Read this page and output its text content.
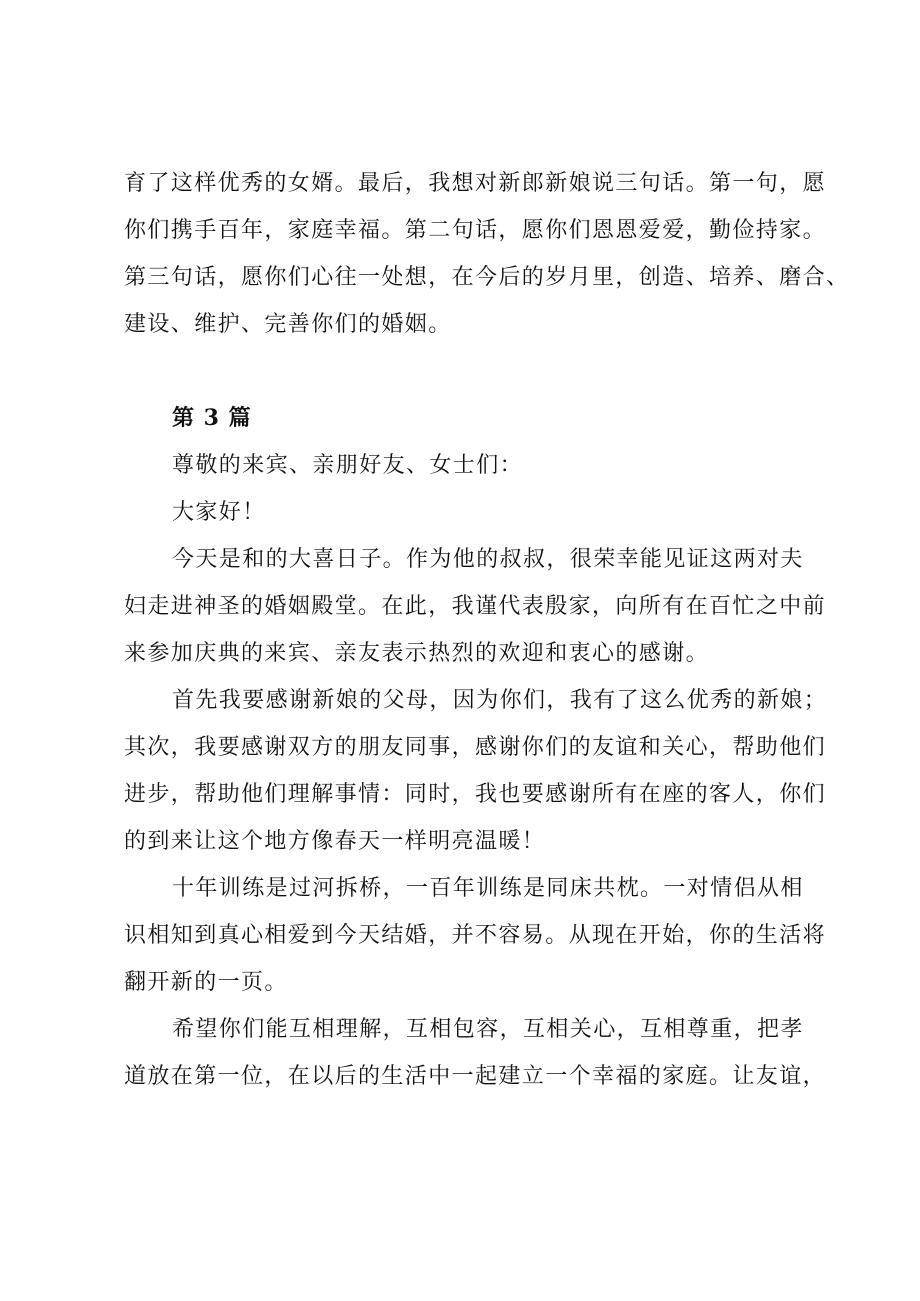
育了这样优秀的女婿。最后，我想对新郎新娘说三句话。第一句，愿
你们携手百年，家庭幸福。第二句话，愿你们恩恩爱爱，勤俭持家。
第三句话，愿你们心往一处想，在今后的岁月里，创造、培养、磨合、
建设、维护、完善你们的婚姻。
第 3 篇
尊敬的来宾、亲朋好友、女士们：
大家好！
今天是和的大喜日子。作为他的叔叔，很荣幸能见证这两对夫
妇走进神圣的婚姻殿堂。在此，我谨代表殷家，向所有在百忙之中前
来参加庆典的来宾、亲友表示热烈的欢迎和衷心的感谢。
首先我要感谢新娘的父母，因为你们，我有了这么优秀的新娘；
其次，我要感谢双方的朋友同事，感谢你们的友谊和关心，帮助他们
进步，帮助他们理解事情：同时，我也要感谢所有在座的客人，你们
的到来让这个地方像春天一样明亮温暖！
十年训练是过河拆桥，一百年训练是同床共枕。一对情侣从相
识相知到真心相爱到今天结婚，并不容易。从现在开始，你的生活将
翻开新的一页。
希望你们能互相理解，互相包容，互相关心，互相尊重，把孝
道放在第一位，在以后的生活中一起建立一个幸福的家庭。让友谊，
